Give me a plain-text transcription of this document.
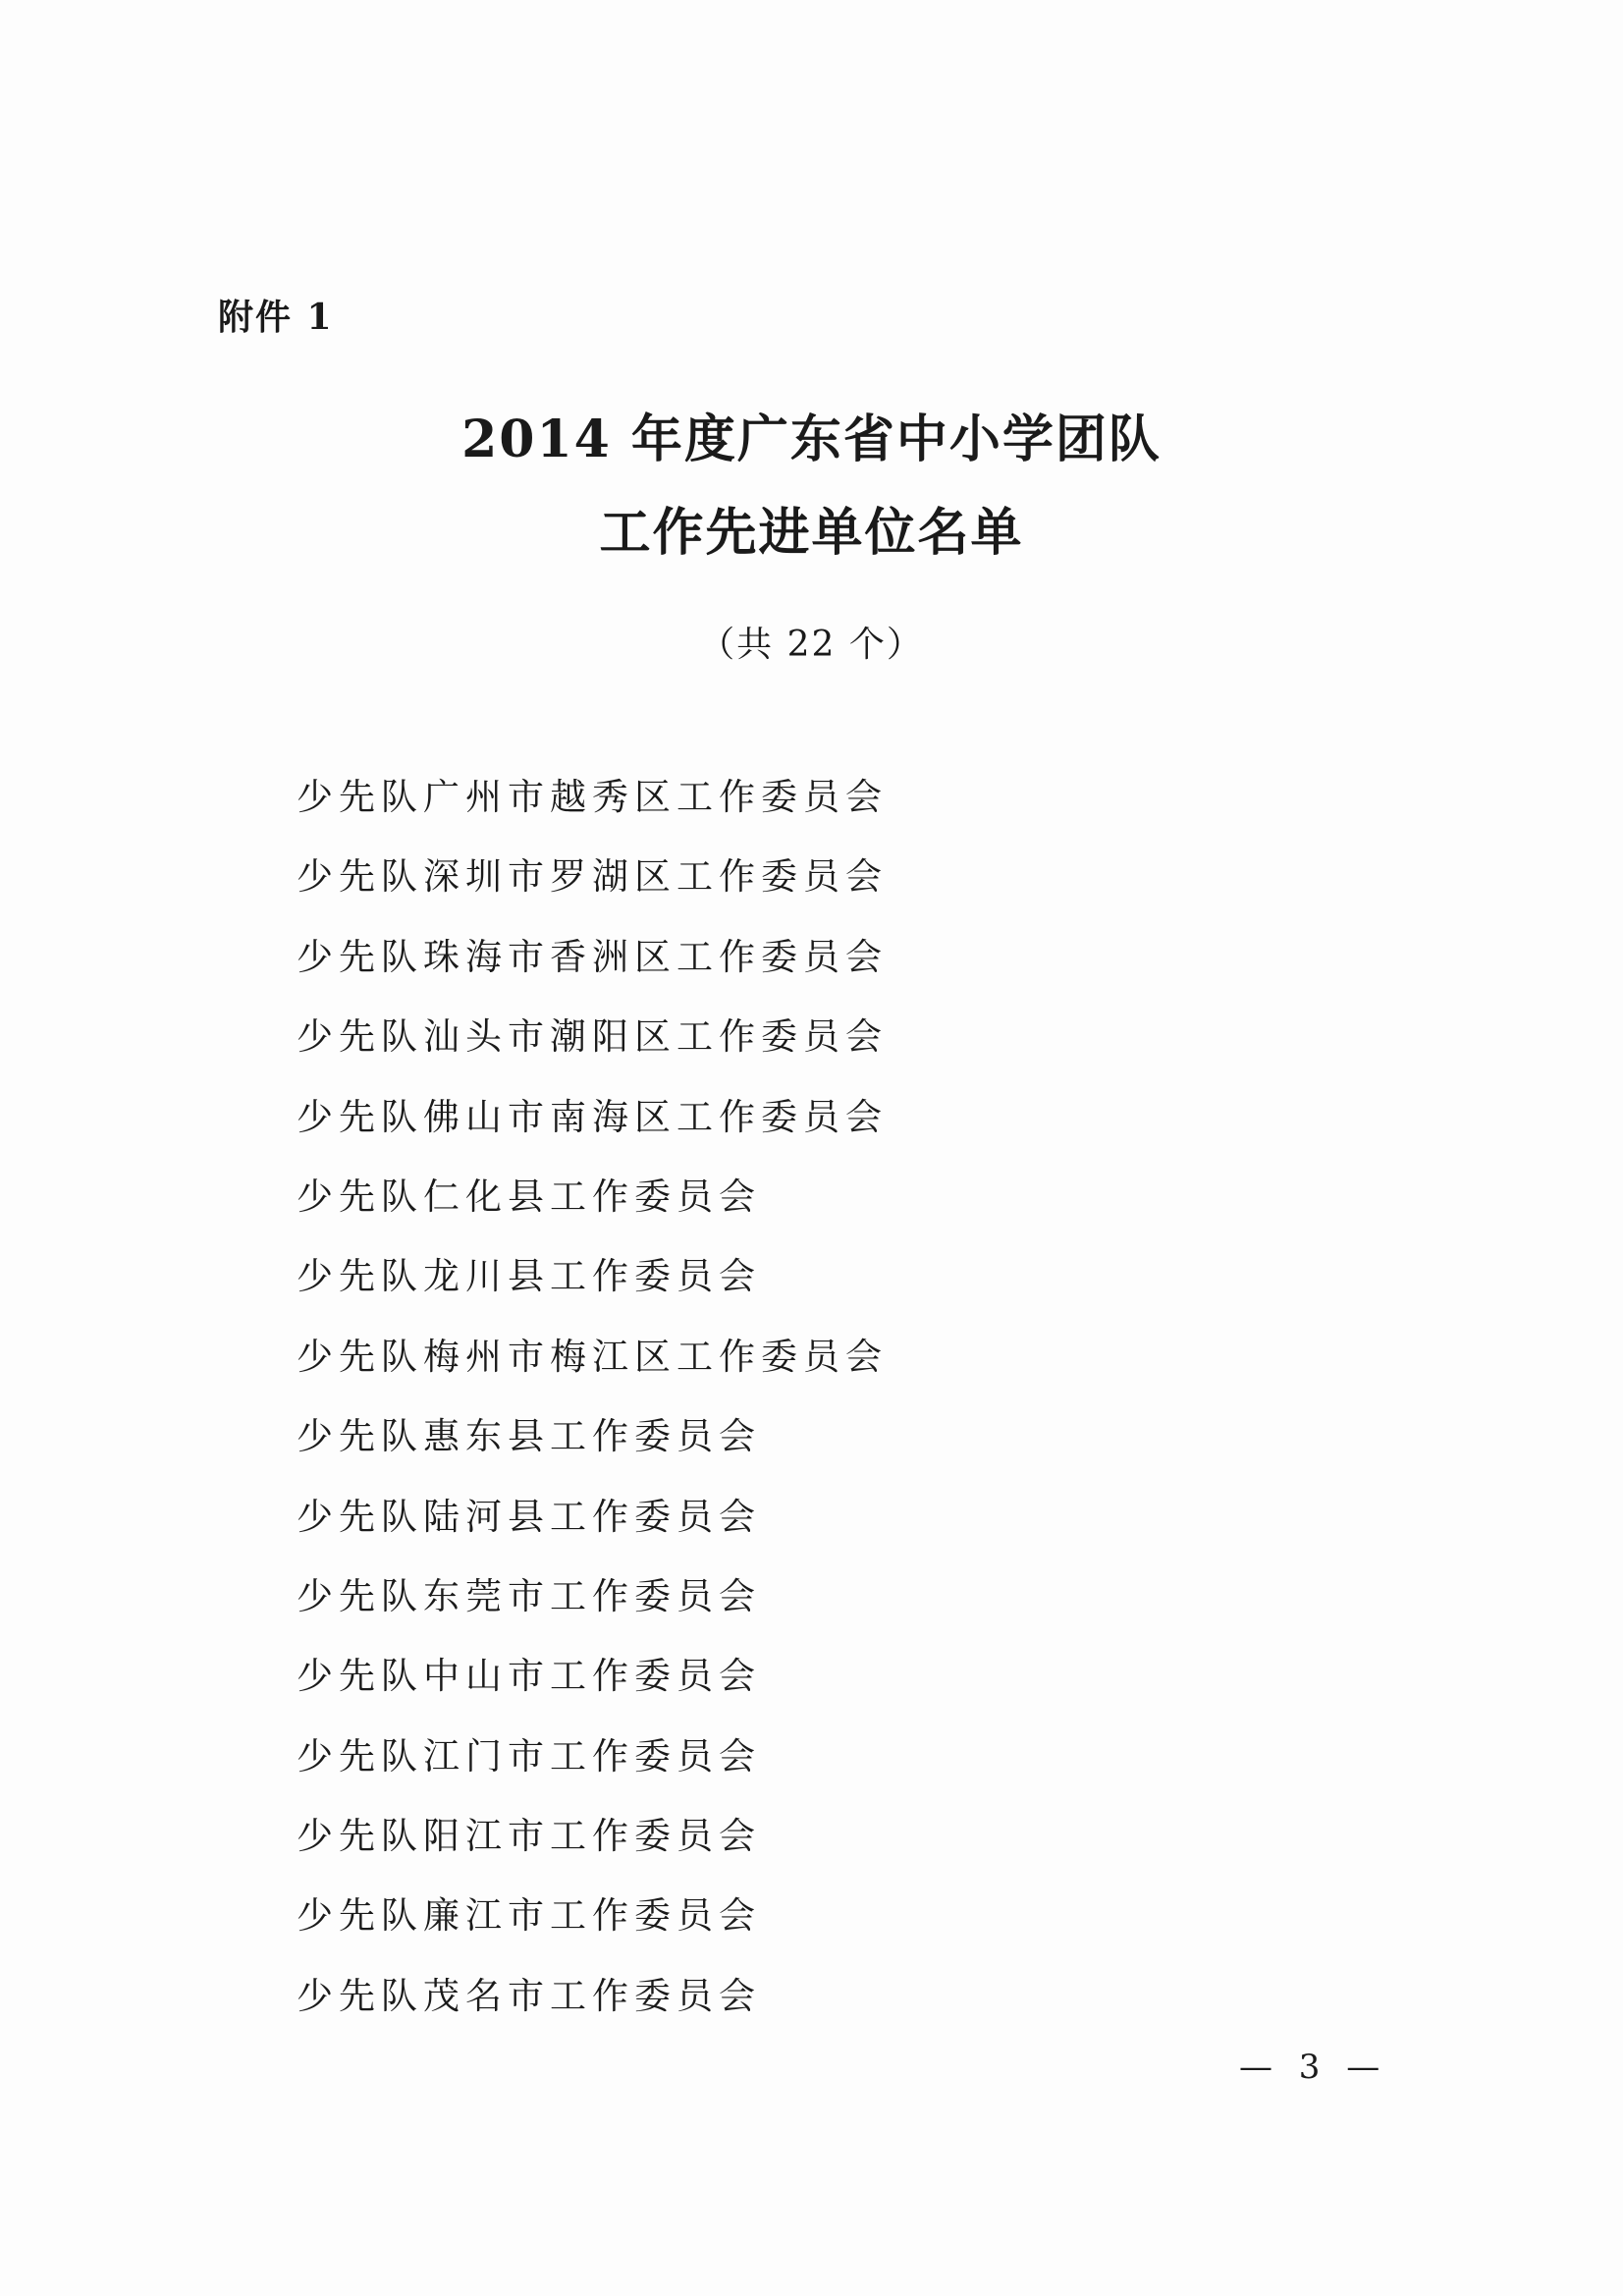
附件 1
2014 年度广东省中小学团队
工作先进单位名单
（共 22 个）
少先队广州市越秀区工作委员会
少先队深圳市罗湖区工作委员会
少先队珠海市香洲区工作委员会
少先队汕头市潮阳区工作委员会
少先队佛山市南海区工作委员会
少先队仁化县工作委员会
少先队龙川县工作委员会
少先队梅州市梅江区工作委员会
少先队惠东县工作委员会
少先队陆河县工作委员会
少先队东莞市工作委员会
少先队中山市工作委员会
少先队江门市工作委员会
少先队阳江市工作委员会
少先队廉江市工作委员会
少先队茂名市工作委员会
— 3 —
